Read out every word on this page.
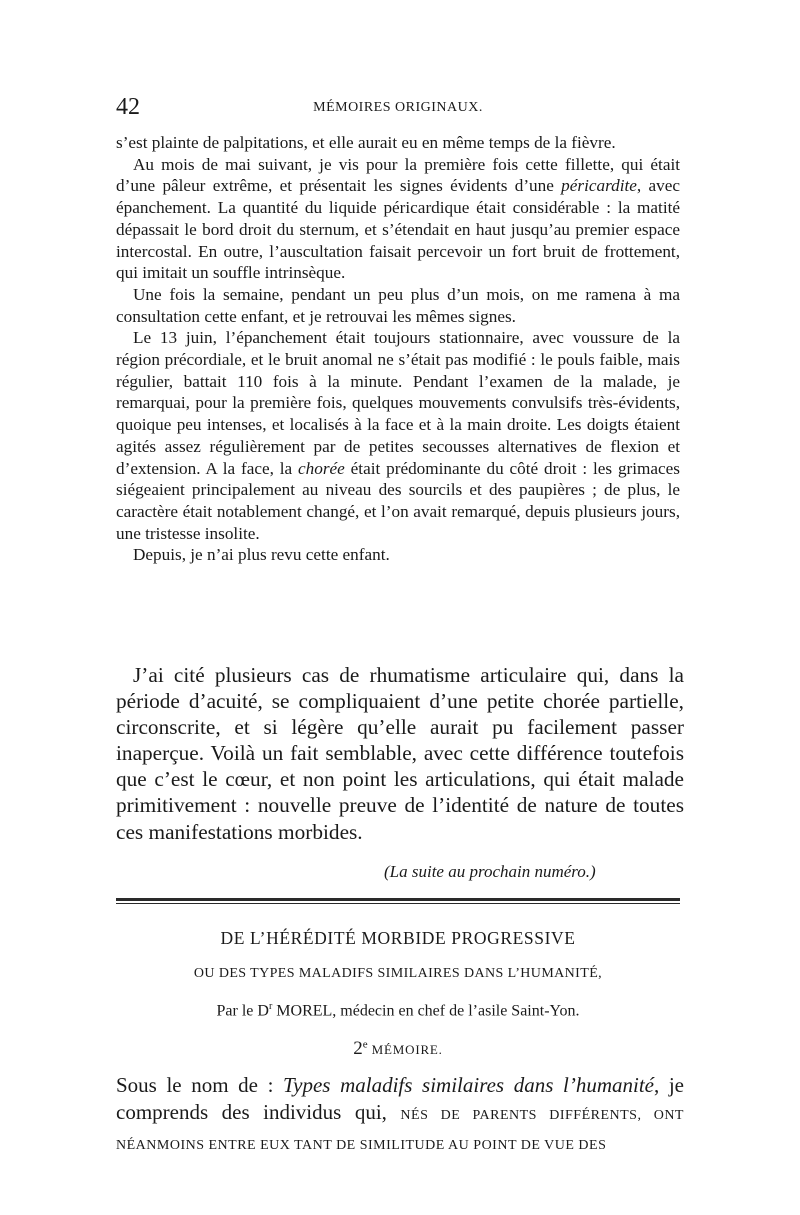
42	MÉMOIRES ORIGINAUX.

s’est plainte de palpitations, et elle aurait eu en même temps de la fièvre.

Au mois de mai suivant, je vis pour la première fois cette fillette, qui était d’une pâleur extrême, et présentait les signes évidents d’une péricardite, avec épanchement. La quantité du liquide péricardique était considérable : la matité dépassait le bord droit du sternum, et s’étendait en haut jusqu’au premier espace intercostal. En outre, l’auscultation faisait percevoir un fort bruit de frottement, qui imitait un souffle intrinsèque.

Une fois la semaine, pendant un peu plus d’un mois, on me ramena à ma consultation cette enfant, et je retrouvai les mêmes signes.

Le 13 juin, l’épanchement était toujours stationnaire, avec voussure de la région précordiale, et le bruit anomal ne s’était pas modifié : le pouls faible, mais régulier, battait 110 fois à la minute. Pendant l’examen de la malade, je remarquai, pour la première fois, quelques mouvements convulsifs très-évidents, quoique peu intenses, et localisés à la face et à la main droite. Les doigts étaient agités assez régulièrement par de petites secousses alternatives de flexion et d’extension. A la face, la chorée était prédominante du côté droit : les grimaces siégeaient principalement au niveau des sourcils et des paupières ; de plus, le caractère était notablement changé, et l’on avait remarqué, depuis plusieurs jours, une tristesse insolite.

Depuis, je n’ai plus revu cette enfant.

J’ai cité plusieurs cas de rhumatisme articulaire qui, dans la période d’acuité, se compliquaient d’une petite chorée partielle, circonscrite, et si légère qu’elle aurait pu facilement passer inaperçue. Voilà un fait semblable, avec cette différence toutefois que c’est le cœur, et non point les articulations, qui était malade primitivement : nouvelle preuve de l’identité de nature de toutes ces manifestations morbides.

(La suite au prochain numéro.)
DE L’HÉRÉDITÉ MORBIDE PROGRESSIVE
OU DES TYPES MALADIFS SIMILAIRES DANS L’HUMANITÉ,
Par le $D^r$ MOREL, médecin en chef de l’asile Saint-Yon.
2e MÉMOIRE.

Sous le nom de : Types maladifs similaires dans l’humanité, je comprends des individus qui, NÉS DE PARENTS DIFFÉRENTS, ONT NÉANMOINS ENTRE EUX TANT DE SIMILITUDE AU POINT DE VUE DES
